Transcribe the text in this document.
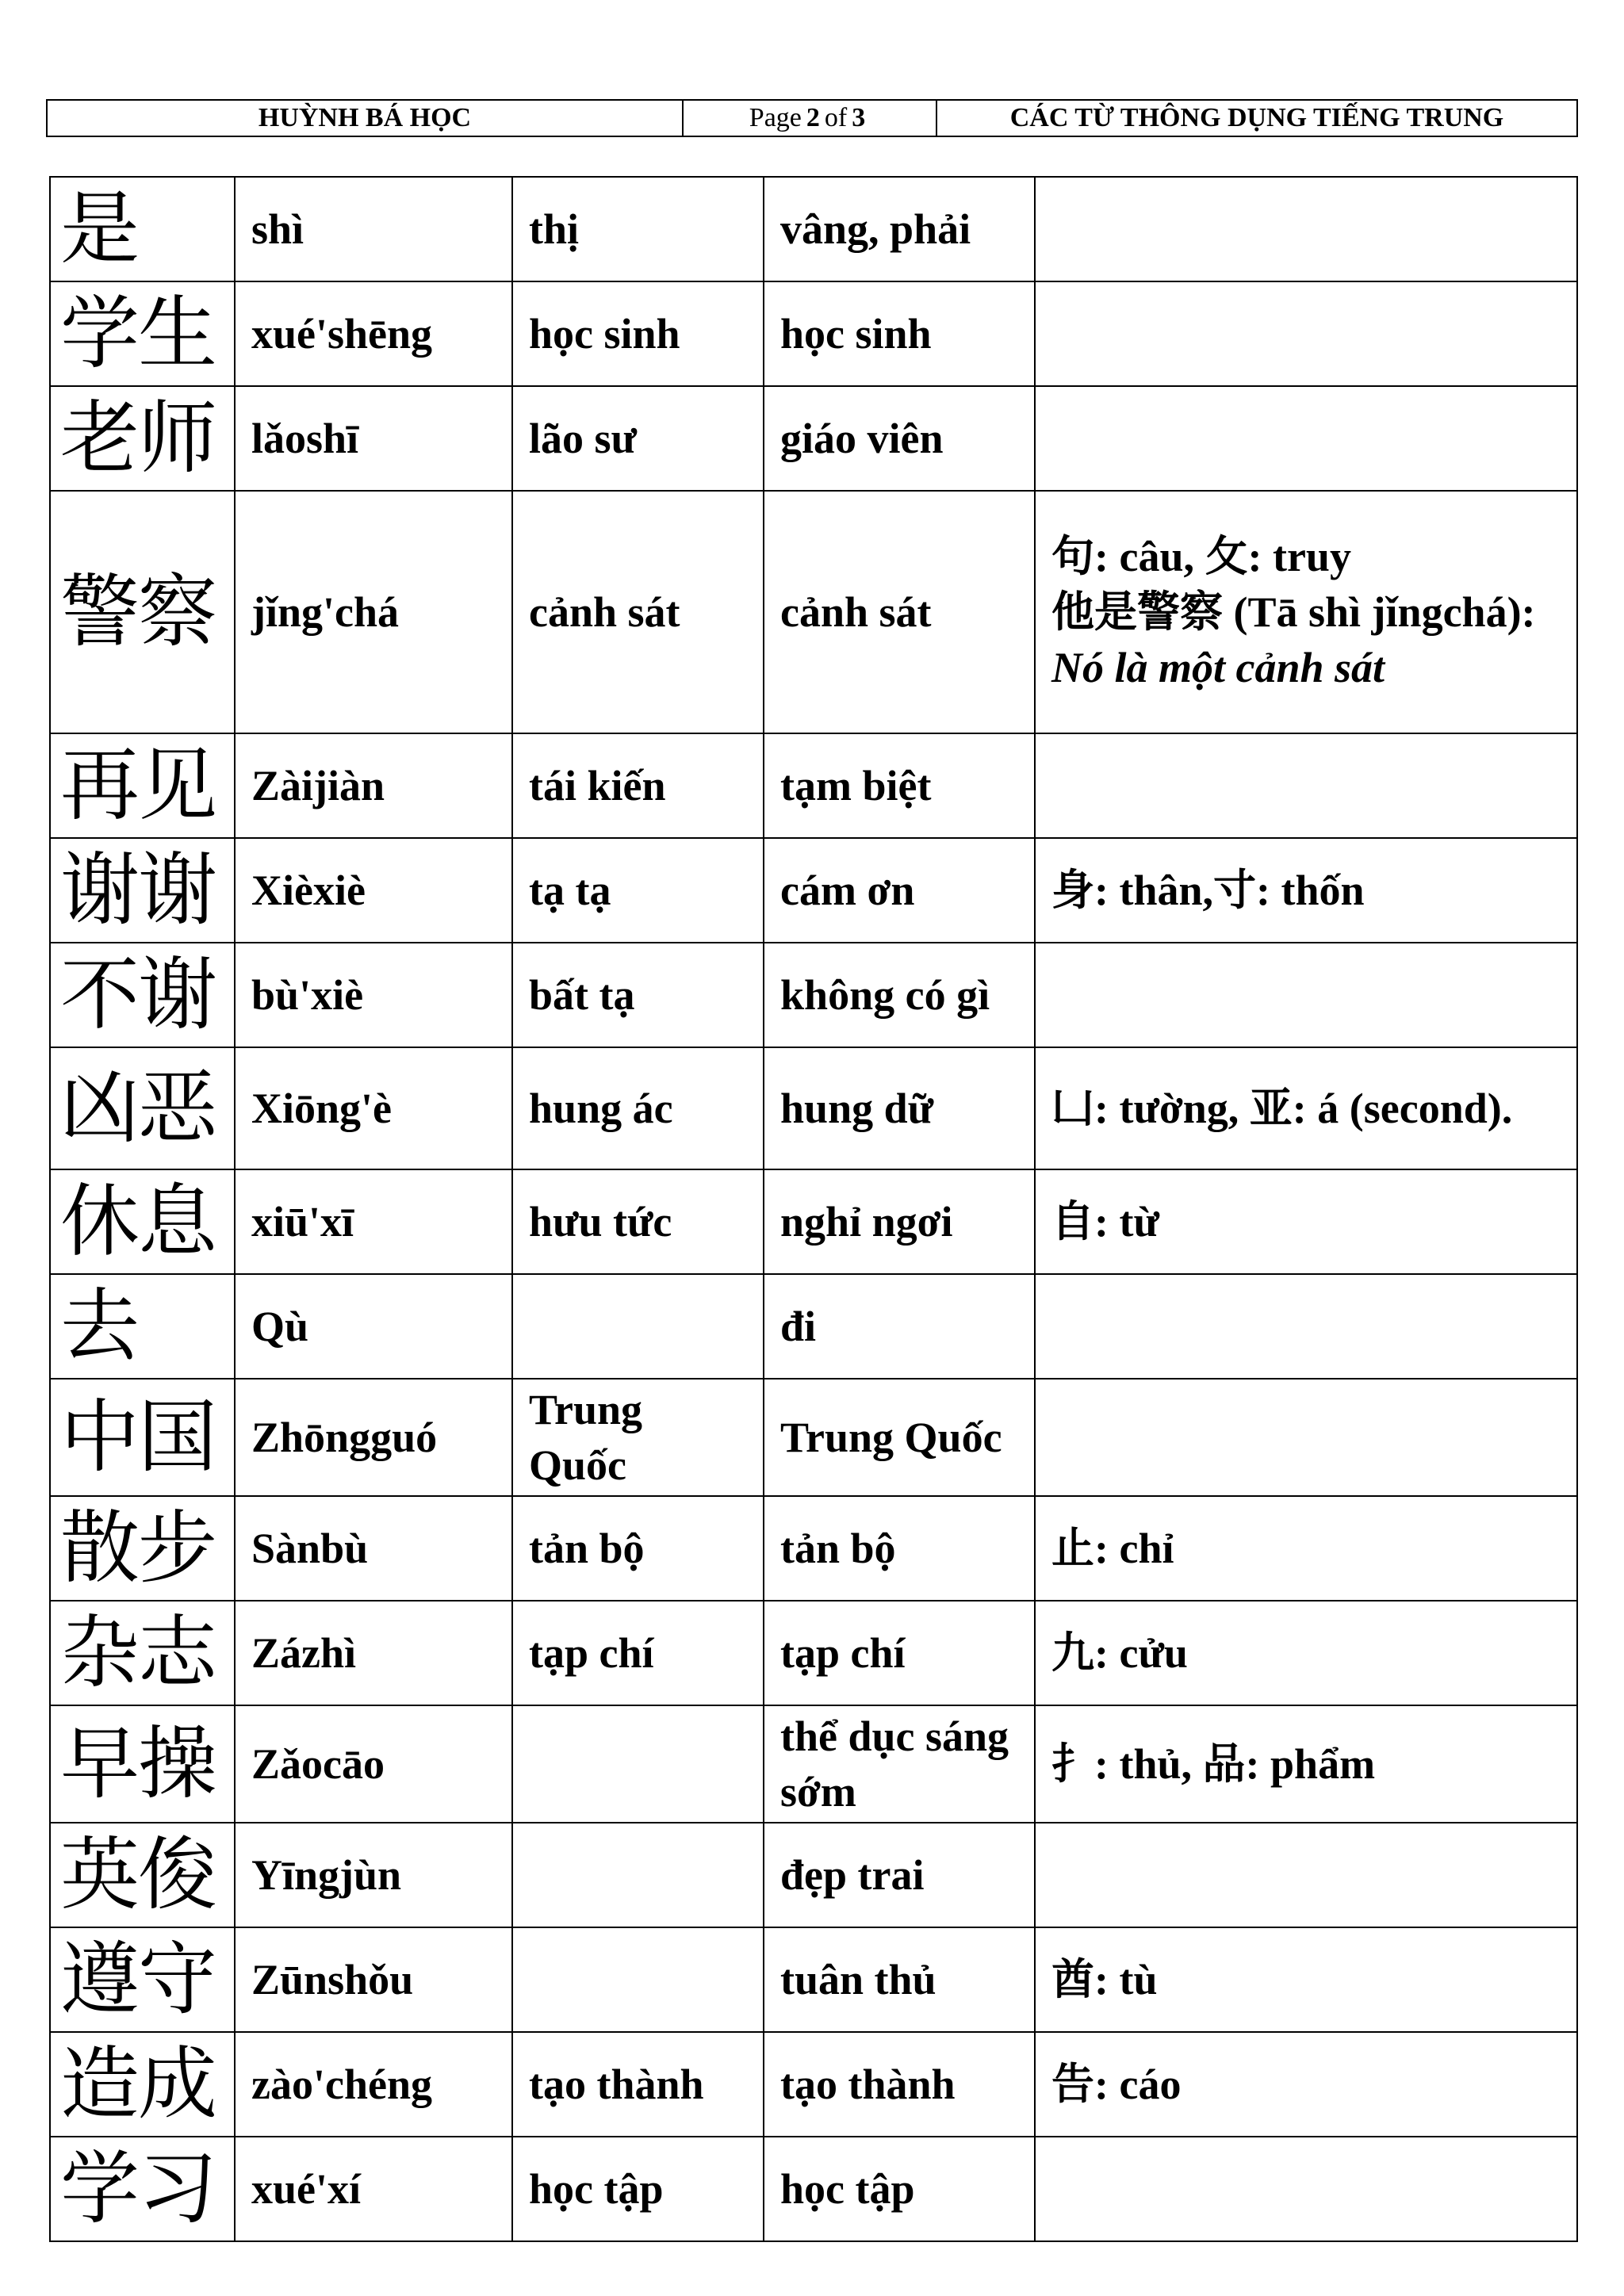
HUỲNH BÁ HỌC	Page 2 of 3	CÁC TỪ THÔNG DỤNG TIẾNG TRUNG
是	shì	thị	vâng, phải	
学生	xué'shēng	học sinh	học sinh	
老师	lǎoshī	lão sư	giáo viên	
警察	jǐng'chá	cảnh sát	cảnh sát	句: câu, 攵: truy
他是警察 (Tā shì jǐngchá): Nó là một cảnh sát
再见	Zàijiàn	tái kiến	tạm biệt	
谢谢	Xièxiè	tạ tạ	cám ơn	身: thân,寸: thốn
不谢	bù'xiè	bất tạ	không có gì	
凶恶	Xiōng'è	hung ác	hung dữ	凵: tường, 亚: á (second).
休息	xiū'xī	hưu tức	nghỉ ngơi	自: từ
去	Qù		đi	
中国	Zhōngguó	Trung Quốc	Trung Quốc	
散步	Sànbù	tản bộ	tản bộ	止: chỉ
杂志	Zázhì	tạp chí	tạp chí	九: cửu
早操	Zǎocāo		thể dục sáng sớm	扌: thủ, 品: phẩm
英俊	Yīngjùn		đẹp trai	
遵守	Zūnshǒu		tuân thủ	酋: tù
造成	zào'chéng	tạo thành	tạo thành	告: cáo
学习	xué'xí	học tập	học tập	
